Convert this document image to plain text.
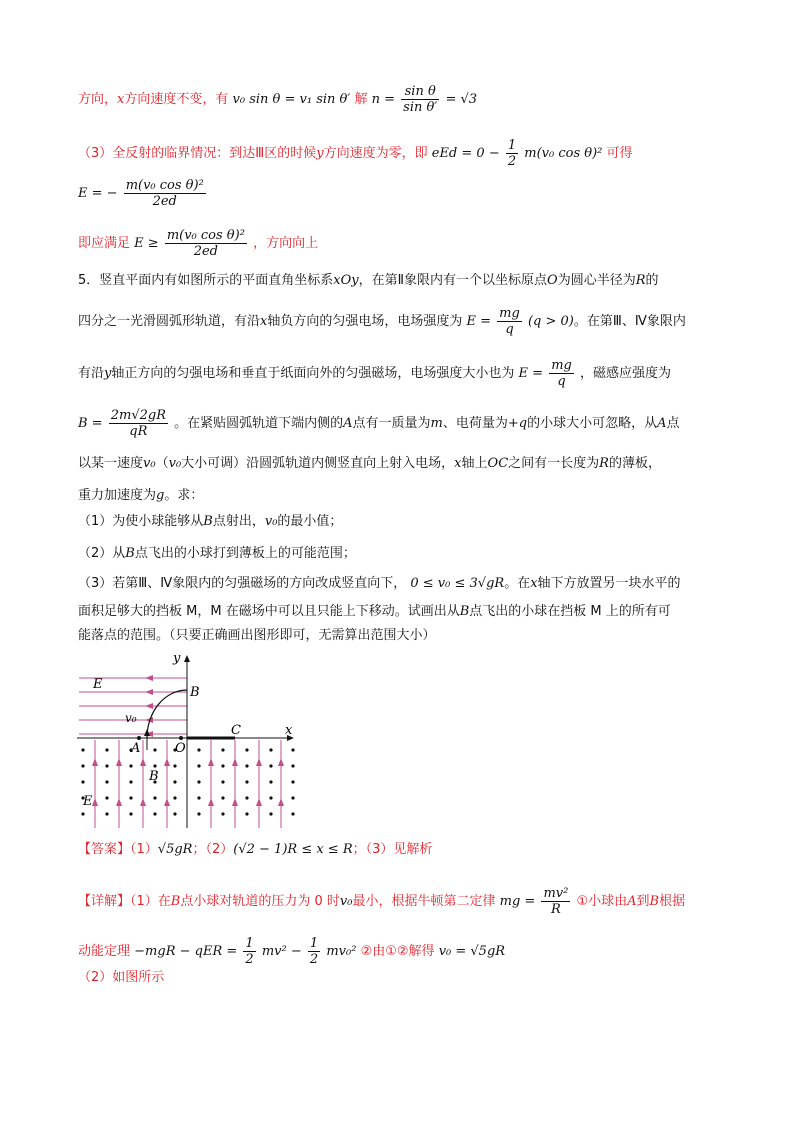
方向，x方向速度不变，有 v₀ sin θ = v₁ sin θ′ 解 $n = \frac{\text{sin θ}}{\text{sin θ′}} = √3$
（3）全反射的临界情况：到达Ⅲ区的时候y方向速度为零，即 eEd = $0 - \frac{1}{2} m(v_0$ cos θ)² 可得
E = − $\frac{\text{m(v₀ cos θ)²}}{2ed}$
即应满足 $E \ge \frac{\text{m(v₀ cos θ)²}}{2ed}$ ，方向向上
5．竖直平面内有如图所示的平面直角坐标系xOy，在第Ⅱ象限内有一个以坐标原点O为圆心半径为R的
四分之一光滑圆弧形轨道，有沿x轴负方向的匀强电场，电场强度为 $E = \frac{mg}{q} (q > 0)$。在第Ⅲ、Ⅳ象限内
有沿y轴正方向的匀强电场和垂直于纸面向外的匀强磁场，电场强度大小也为 $E = \frac{mg}{q}$ ，磁感应强度为
$B = \frac{2m√2gR}{qR}$ 。在紧贴圆弧轨道下端内侧的A点有一质量为m、电荷量为+q的小球大小可忽略，从A点
以某一速度v₀（v₀大小可调）沿圆弧轨道内侧竖直向上射入电场，x轴上OC之间有一长度为R的薄板，
重力加速度为g。求：
（1）为使小球能够从B点射出，v₀的最小值；
（2）从B点飞出的小球打到薄板上的可能范围；
（3）若第Ⅲ、Ⅳ象限内的匀强磁场的方向改成竖直向下， 0 ≤ v₀ ≤ 3√gR。在x轴下方放置另一块水平的
面积足够大的挡板 M，M 在磁场中可以且只能上下移动。试画出从B点飞出的小球在挡板 M 上的所有可
能落点的范围。（只要正确画出图形即可，无需算出范围大小）
y
x
E
B
v₀
C
A	O
B
E
【答案】（1）√5gR；（2）(√2 − 1)R ≤ x ≤ R；（3）见解析
【详解】（1）在B点小球对轨道的压力为 0 时v₀最小，根据牛顿第二定律 mg = $\frac{\text{mv²}}{R}$ ①小球由A到B根据
动能定理 −mgR − qER = $\frac{1}{2} mv^2 - \frac{1}{2} mv_0^2$ ②由①②解得 v₀ = √5gR
（2）如图所示
